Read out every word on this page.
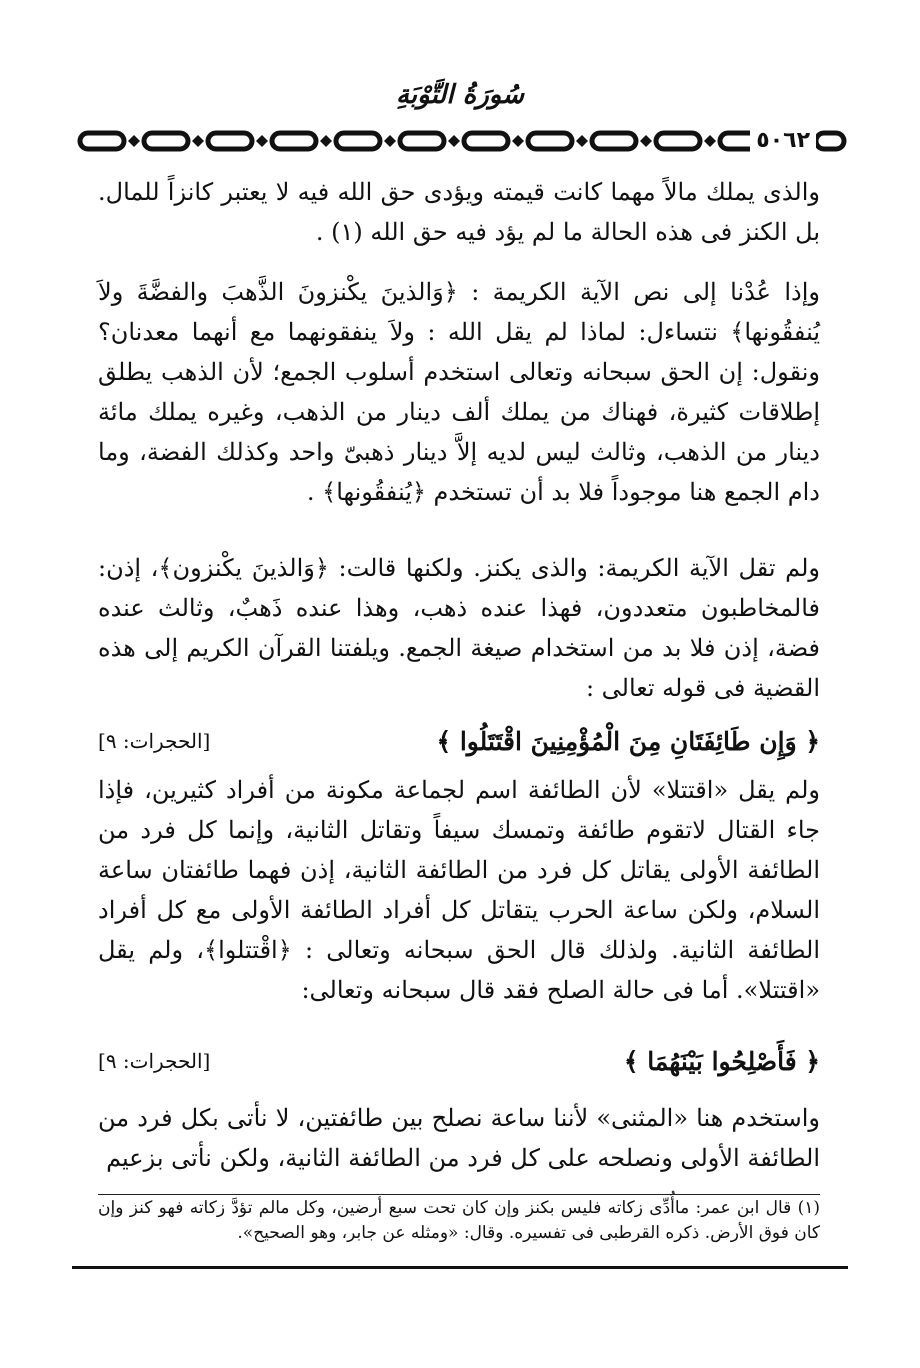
سُورَةُ التَّوْبَةِ
٥٠٦٢
والذى يملك مالاً مهما كانت قيمته ويؤدى حق الله فيه لا يعتبر كانزاً للمال. بل الكنز فى هذه الحالة ما لم يؤد فيه حق الله (١) .
وإذا عُدْنا إلى نص الآية الكريمة : ﴿وَالذينَ يكْنزونَ الذَّهبَ والفضَّةَ ولاَ يُنفقُونها﴾ نتساءل: لماذا لم يقل الله : ولاَ ينفقونهما مع أنهما معدنان؟ ونقول: إن الحق سبحانه وتعالى استخدم أسلوب الجمع؛ لأن الذهب يطلق إطلاقات كثيرة، فهناك من يملك ألف دينار من الذهب، وغيره يملك مائة دينار من الذهب، وثالث ليس لديه إلاَّ دينار ذهبىّ واحد وكذلك الفضة، وما دام الجمع هنا موجوداً فلا بد أن تستخدم ﴿يُنفقُونها﴾ .
ولم تقل الآية الكريمة: والذى يكنز. ولكنها قالت: ﴿وَالذينَ يكْنزون﴾، إذن: فالمخاطبون متعددون، فهذا عنده ذهب، وهذا عنده ذَهبٌ، وثالث عنده فضة، إذن فلا بد من استخدام صيغة الجمع. ويلفتنا القرآن الكريم إلى هذه القضية فى قوله تعالى :
﴿ وَإِن طَائِفَتَانِ مِنَ الْمُؤْمِنِينَ اقْتَتَلُوا ﴾
[الحجرات: ٩]
ولم يقل «اقتتلا» لأن الطائفة اسم لجماعة مكونة من أفراد كثيرين، فإذا جاء القتال لاتقوم طائفة وتمسك سيفاً وتقاتل الثانية، وإنما كل فرد من الطائفة الأولى يقاتل كل فرد من الطائفة الثانية، إذن فهما طائفتان ساعة السلام، ولكن ساعة الحرب يتقاتل كل أفراد الطائفة الأولى مع كل أفراد الطائفة الثانية. ولذلك قال الحق سبحانه وتعالى : ﴿اقْتتلوا﴾، ولم يقل «اقتتلا». أما فى حالة الصلح فقد قال سبحانه وتعالى:
﴿ فَأَصْلِحُوا بَيْنَهُمَا ﴾
[الحجرات: ٩]
واستخدم هنا «المثنى» لأننا ساعة نصلح بين طائفتين، لا نأتى بكل فرد من الطائفة الأولى ونصلحه على كل فرد من الطائفة الثانية، ولكن نأتى بزعيم
(١) قال ابن عمر: ماأُدِّى زكاته فليس بكنز وإن كان تحت سبع أرضين، وكل مالم تؤدَّ زكاته فهو كنز وإن كان فوق الأرض. ذكره القرطبى فى تفسيره. وقال: «ومثله عن جابر، وهو الصحيح».
